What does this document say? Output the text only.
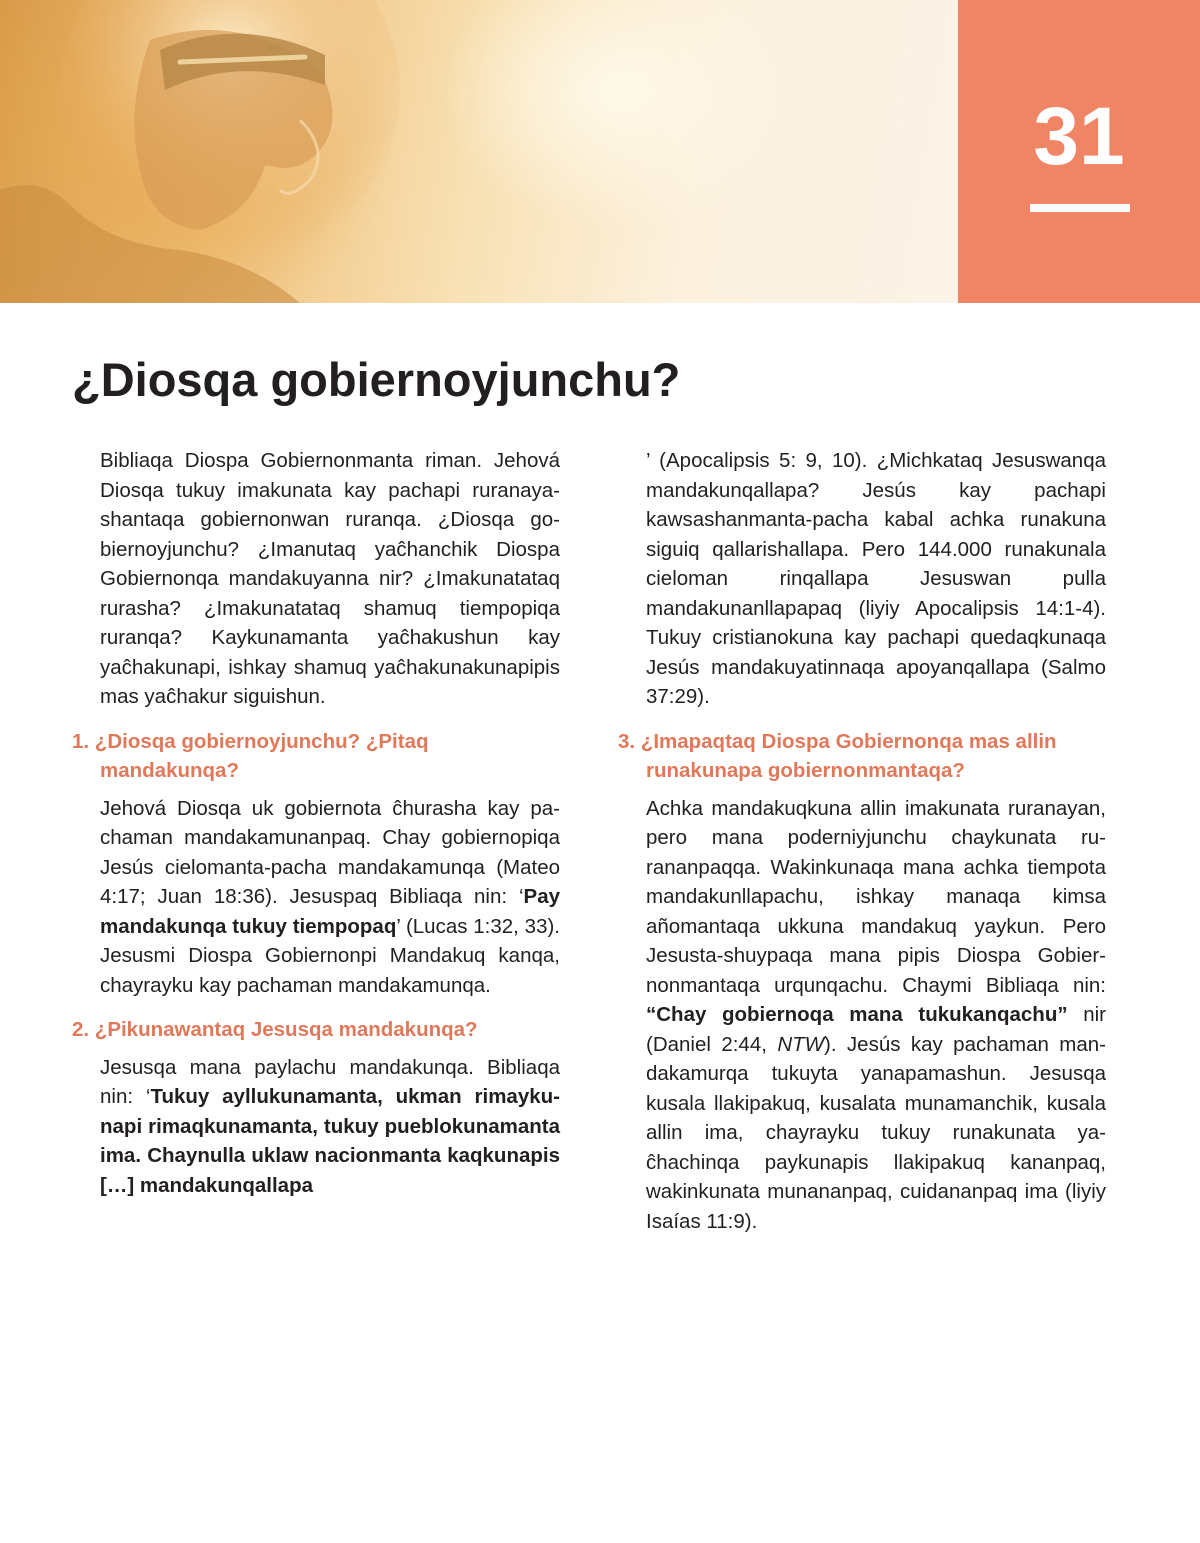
31
¿Diosqa gobiernoyjunchu?

Bibliaqa Diospa Gobiernonmanta riman. Jehová Diosqa tukuy imakunata kay pachapi ruranayashantaqa gobiernonwan ruranqa. ¿Diosqa gobiernoyjunchu? ¿Imanutaq yaĉhanchik Diospa Gobiernonqa mandakuyanna nir? ¿Imakunatataq rurasha? ¿Imakunatataq shamuq tiempopiqa ruranqa? Kaykunamanta yaĉhakushun kay yaĉhakunapi, ishkay shamuq yaĉhakunakunapipis mas yaĉhakur siguishun.

1. ¿Diosqa gobiernoyjunchu? ¿Pitaq mandakunqa?

Jehová Diosqa uk gobiernota ĉhurasha kay pachaman mandakamunanpaq. Chay gobiernopiqa Jesús cielomanta-pacha mandakamunqa (Mateo 4:17; Juan 18:36). Jesuspaq Bibliaqa nin: ‘Pay mandakunqa tukuy tiempopaq’ (Lucas 1:32, 33). Jesusmi Diospa Gobiernonpi Mandakuq kanqa, chayrayku kay pachaman mandakamunqa.

2. ¿Pikunawantaq Jesusqa mandakunqa?

Jesusqa mana paylachu mandakunqa. Bibliaqa nin: ‘Tukuy ayllukunamanta, ukman rimaykunapi rimaqkunamanta, tukuy pueblokunamanta ima. Chaynulla uklaw nacionmanta kaqkunapis […] mandakunqallapa

’ (Apocalipsis 5: 9, 10). ¿Michkataq Jesuswanqa mandakunqallapa? Jesús kay pachapi kawsashanmanta-pacha kabal achka runakuna siguiq qallarishallapa. Pero 144.000 runakunala cieloman rinqallapa Jesuswan pulla mandakunanllapapaq (liyiy Apocalipsis 14:1-4). Tukuy cristianokuna kay pachapi quedaqkunaqa Jesús mandakuyatinnaqa apoyanqallapa (Salmo 37:29).

3. ¿Imapaqtaq Diospa Gobiernonqa mas allin runakunapa gobiernonmantaqa?

Achka mandakuqkuna allin imakunata ruranayan, pero mana poderniyjunchu chaykunata rurananpaqqa. Wakinkunaqa mana achka tiempota mandakunllapachu, ishkay manaqa kimsa añomantaqa ukkuna mandakuq yaykun. Pero Jesusta-shuypaqa mana pipis Diospa Gobiernonmantaqa urqunqachu. Chaymi Bibliaqa nin: “Chay gobiernoqa mana tukukanqachu” nir (Daniel 2:44, NTW). Jesús kay pachaman mandakamurqa tukuyta yanapamashun. Jesusqa kusala llakipakuq, kusalata munamanchik, kusala allin ima, chayrayku tukuy runakunata yaĉhachinqa paykunapis llakipakuq kananpaq, wakinkunata munananpaq, cuidananpaq ima (liyiy Isaías 11:9).
